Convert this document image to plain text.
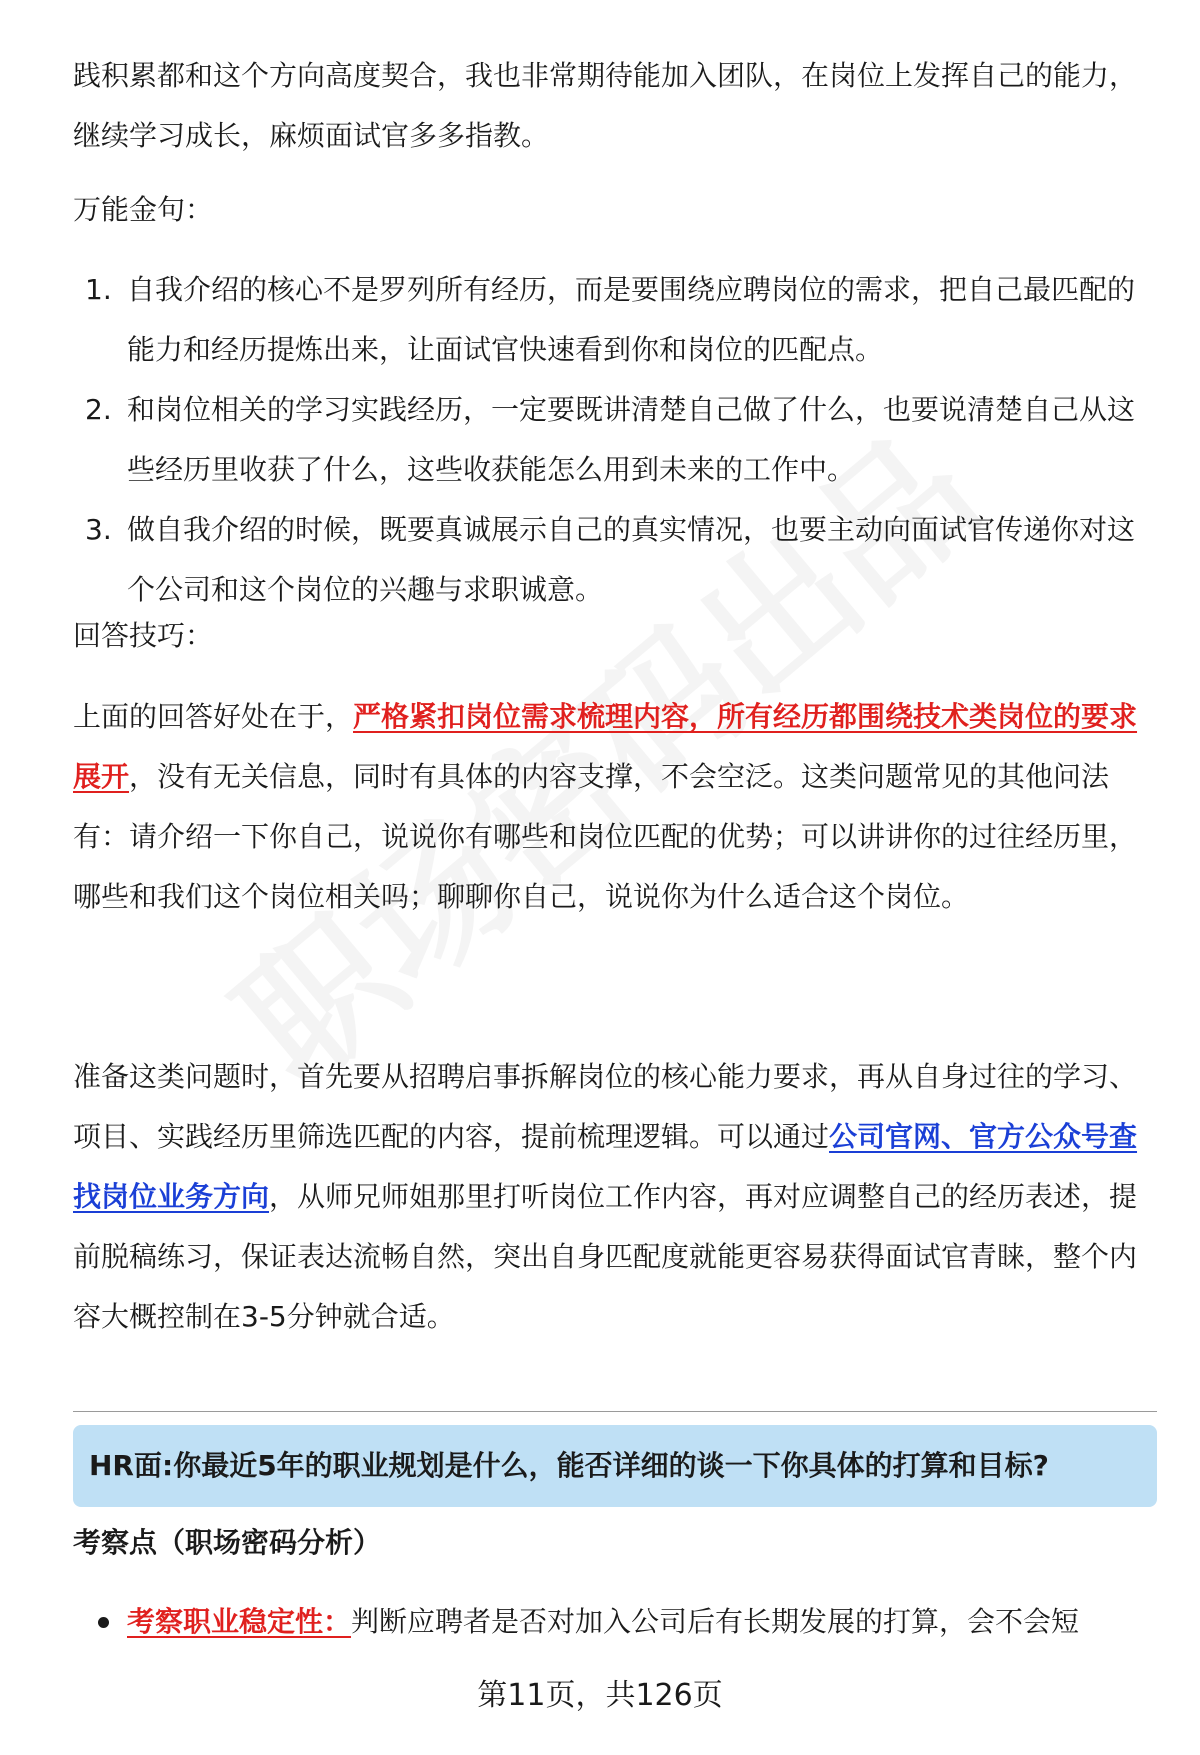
践积累都和这个方向高度契合，我也非常期待能加入团队，在岗位上发挥自己的能力，继续学习成长，麻烦面试官多多指教。

万能金句：

1. 自我介绍的核心不是罗列所有经历，而是要围绕应聘岗位的需求，把自己最匹配的能力和经历提炼出来，让面试官快速看到你和岗位的匹配点。
2. 和岗位相关的学习实践经历，一定要既讲清楚自己做了什么，也要说清楚自己从这些经历里收获了什么，这些收获能怎么用到未来的工作中。
3. 做自我介绍的时候，既要真诚展示自己的真实情况，也要主动向面试官传递你对这个公司和这个岗位的兴趣与求职诚意。

回答技巧：

上面的回答好处在于，严格紧扣岗位需求梳理内容，所有经历都围绕技术类岗位的要求展开，没有无关信息，同时有具体的内容支撑，不会空泛。这类问题常见的其他问法有：请介绍一下你自己，说说你有哪些和岗位匹配的优势；可以讲讲你的过往经历里，哪些和我们这个岗位相关吗；聊聊你自己，说说你为什么适合这个岗位。

准备这类问题时，首先要从招聘启事拆解岗位的核心能力要求，再从自身过往的学习、项目、实践经历里筛选匹配的内容，提前梳理逻辑。可以通过公司官网、官方公众号查找岗位业务方向，从师兄师姐那里打听岗位工作内容，再对应调整自己的经历表述，提前脱稿练习，保证表达流畅自然，突出自身匹配度就能更容易获得面试官青睐，整个内容大概控制在3-5分钟就合适。

HR面:你最近5年的职业规划是什么，能否详细的谈一下你具体的打算和目标?

考察点（职场密码分析）

考察职业稳定性：判断应聘者是否对加入公司后有长期发展的打算，会不会短
第11页，共126页
